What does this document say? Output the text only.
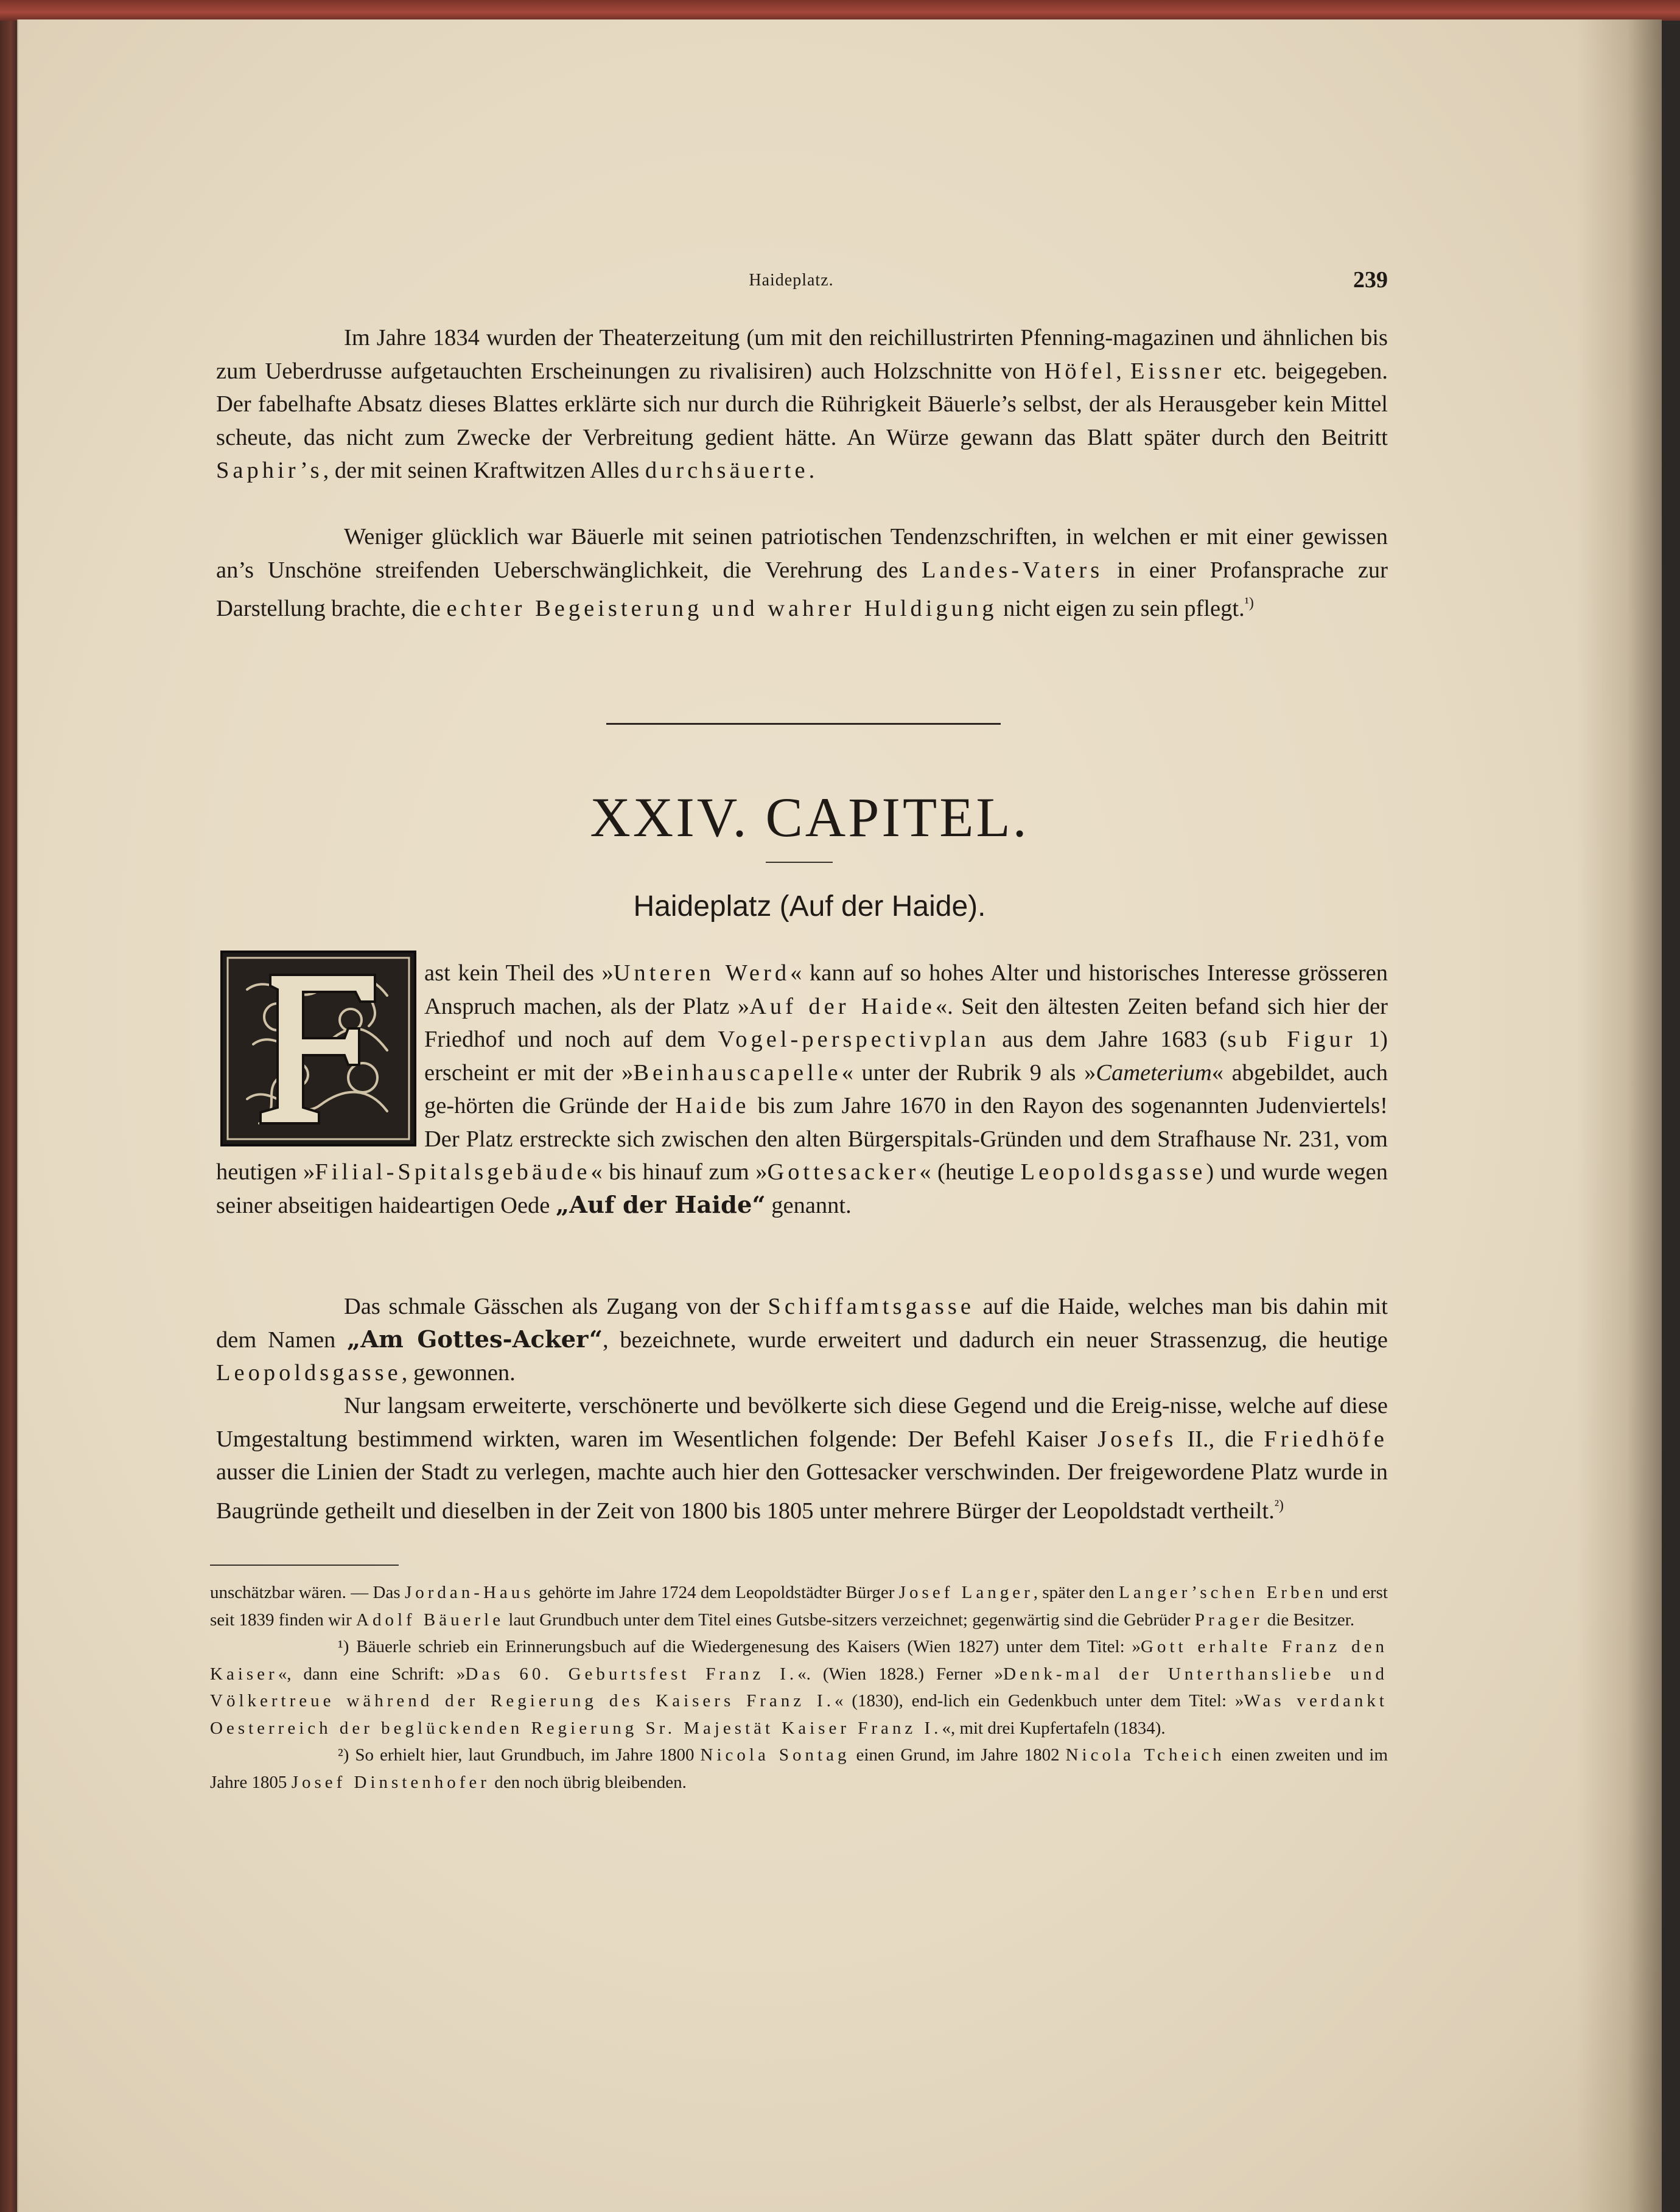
Haideplatz.	239

Im Jahre 1834 wurden der Theaterzeitung (um mit den reichillustrirten Pfenning-magazinen und ähnlichen bis zum Ueberdrusse aufgetauchten Erscheinungen zu rivalisiren) auch Holzschnitte von Höfel, Eissner etc. beigegeben. Der fabelhafte Absatz dieses Blattes erklärte sich nur durch die Rührigkeit Bäuerle’s selbst, der als Herausgeber kein Mittel scheute, das nicht zum Zwecke der Verbreitung gedient hätte. An Würze gewann das Blatt später durch den Beitritt Saphir’s, der mit seinen Kraftwitzen Alles durchsäuerte.

Weniger glücklich war Bäuerle mit seinen patriotischen Tendenzschriften, in welchen er mit einer gewissen an’s Unschöne streifenden Ueberschwänglichkeit, die Verehrung des Landes-Vaters in einer Profansprache zur Darstellung brachte, die echter Begeisterung und wahrer Huldigung nicht eigen zu sein pflegt.$^{^1)}$

XXIV. CAPITEL.
Haideplatz (Auf der Haide).

ast kein Theil des »Unteren Werd« kann auf so hohes Alter und historisches Interesse grösseren Anspruch machen, als der Platz »Auf der Haide«. Seit den ältesten Zeiten befand sich hier der Friedhof und noch auf dem Vogel-perspectivplan aus dem Jahre 1683 (sub Figur 1) erscheint er mit der »Beinhauscapelle« unter der Rubrik 9 als »Cameterium« abgebildet, auch ge-hörten die Gründe der Haide bis zum Jahre 1670 in den Rayon des sogenannten Judenviertels! Der Platz erstreckte sich zwischen den alten Bürgerspitals-Gründen und dem Strafhause Nr. 231, vom heutigen »Filial-Spitalsgebäude« bis hinauf zum »Gottesacker« (heutige Leopoldsgasse) und wurde wegen seiner abseitigen haideartigen Oede „Auf der Haide“ genannt.

Das schmale Gässchen als Zugang von der Schiffamtsgasse auf die Haide, welches man bis dahin mit dem Namen „Am Gottes-Acker“, bezeichnete, wurde erweitert und dadurch ein neuer Strassenzug, die heutige Leopoldsgasse, gewonnen.

Nur langsam erweiterte, verschönerte und bevölkerte sich diese Gegend und die Ereig-nisse, welche auf diese Umgestaltung bestimmend wirkten, waren im Wesentlichen folgende: Der Befehl Kaiser Josefs II., die Friedhöfe ausser die Linien der Stadt zu verlegen, machte auch hier den Gottesacker verschwinden. Der freigewordene Platz wurde in Baugründe getheilt und dieselben in der Zeit von 1800 bis 1805 unter mehrere Bürger der Leopoldstadt vertheilt.$^{^2)}$

unschätzbar wären. — Das Jordan-Haus gehörte im Jahre 1724 dem Leopoldstädter Bürger Josef Langer, später den Langer’schen Erben und erst seit 1839 finden wir Adolf Bäuerle laut Grundbuch unter dem Titel eines Gutsbe-sitzers verzeichnet; gegenwärtig sind die Gebrüder Prager die Besitzer.

¹) Bäuerle schrieb ein Erinnerungsbuch auf die Wiedergenesung des Kaisers (Wien 1827) unter dem Titel: »Gott erhalte Franz den Kaiser«, dann eine Schrift: »Das 60. Geburtsfest Franz I.«. (Wien 1828.) Ferner »Denk-mal der Unterthansliebe und Völkertreue während der Regierung des Kaisers Franz I.« (1830), end-lich ein Gedenkbuch unter dem Titel: »Was verdankt Oesterreich der beglückenden Regierung Sr. Majestät Kaiser Franz I.«, mit drei Kupfertafeln (1834).

²) So erhielt hier, laut Grundbuch, im Jahre 1800 Nicola Sontag einen Grund, im Jahre 1802 Nicola Tcheich einen zweiten und im Jahre 1805 Josef Dinstenhofer den noch übrig bleibenden.
